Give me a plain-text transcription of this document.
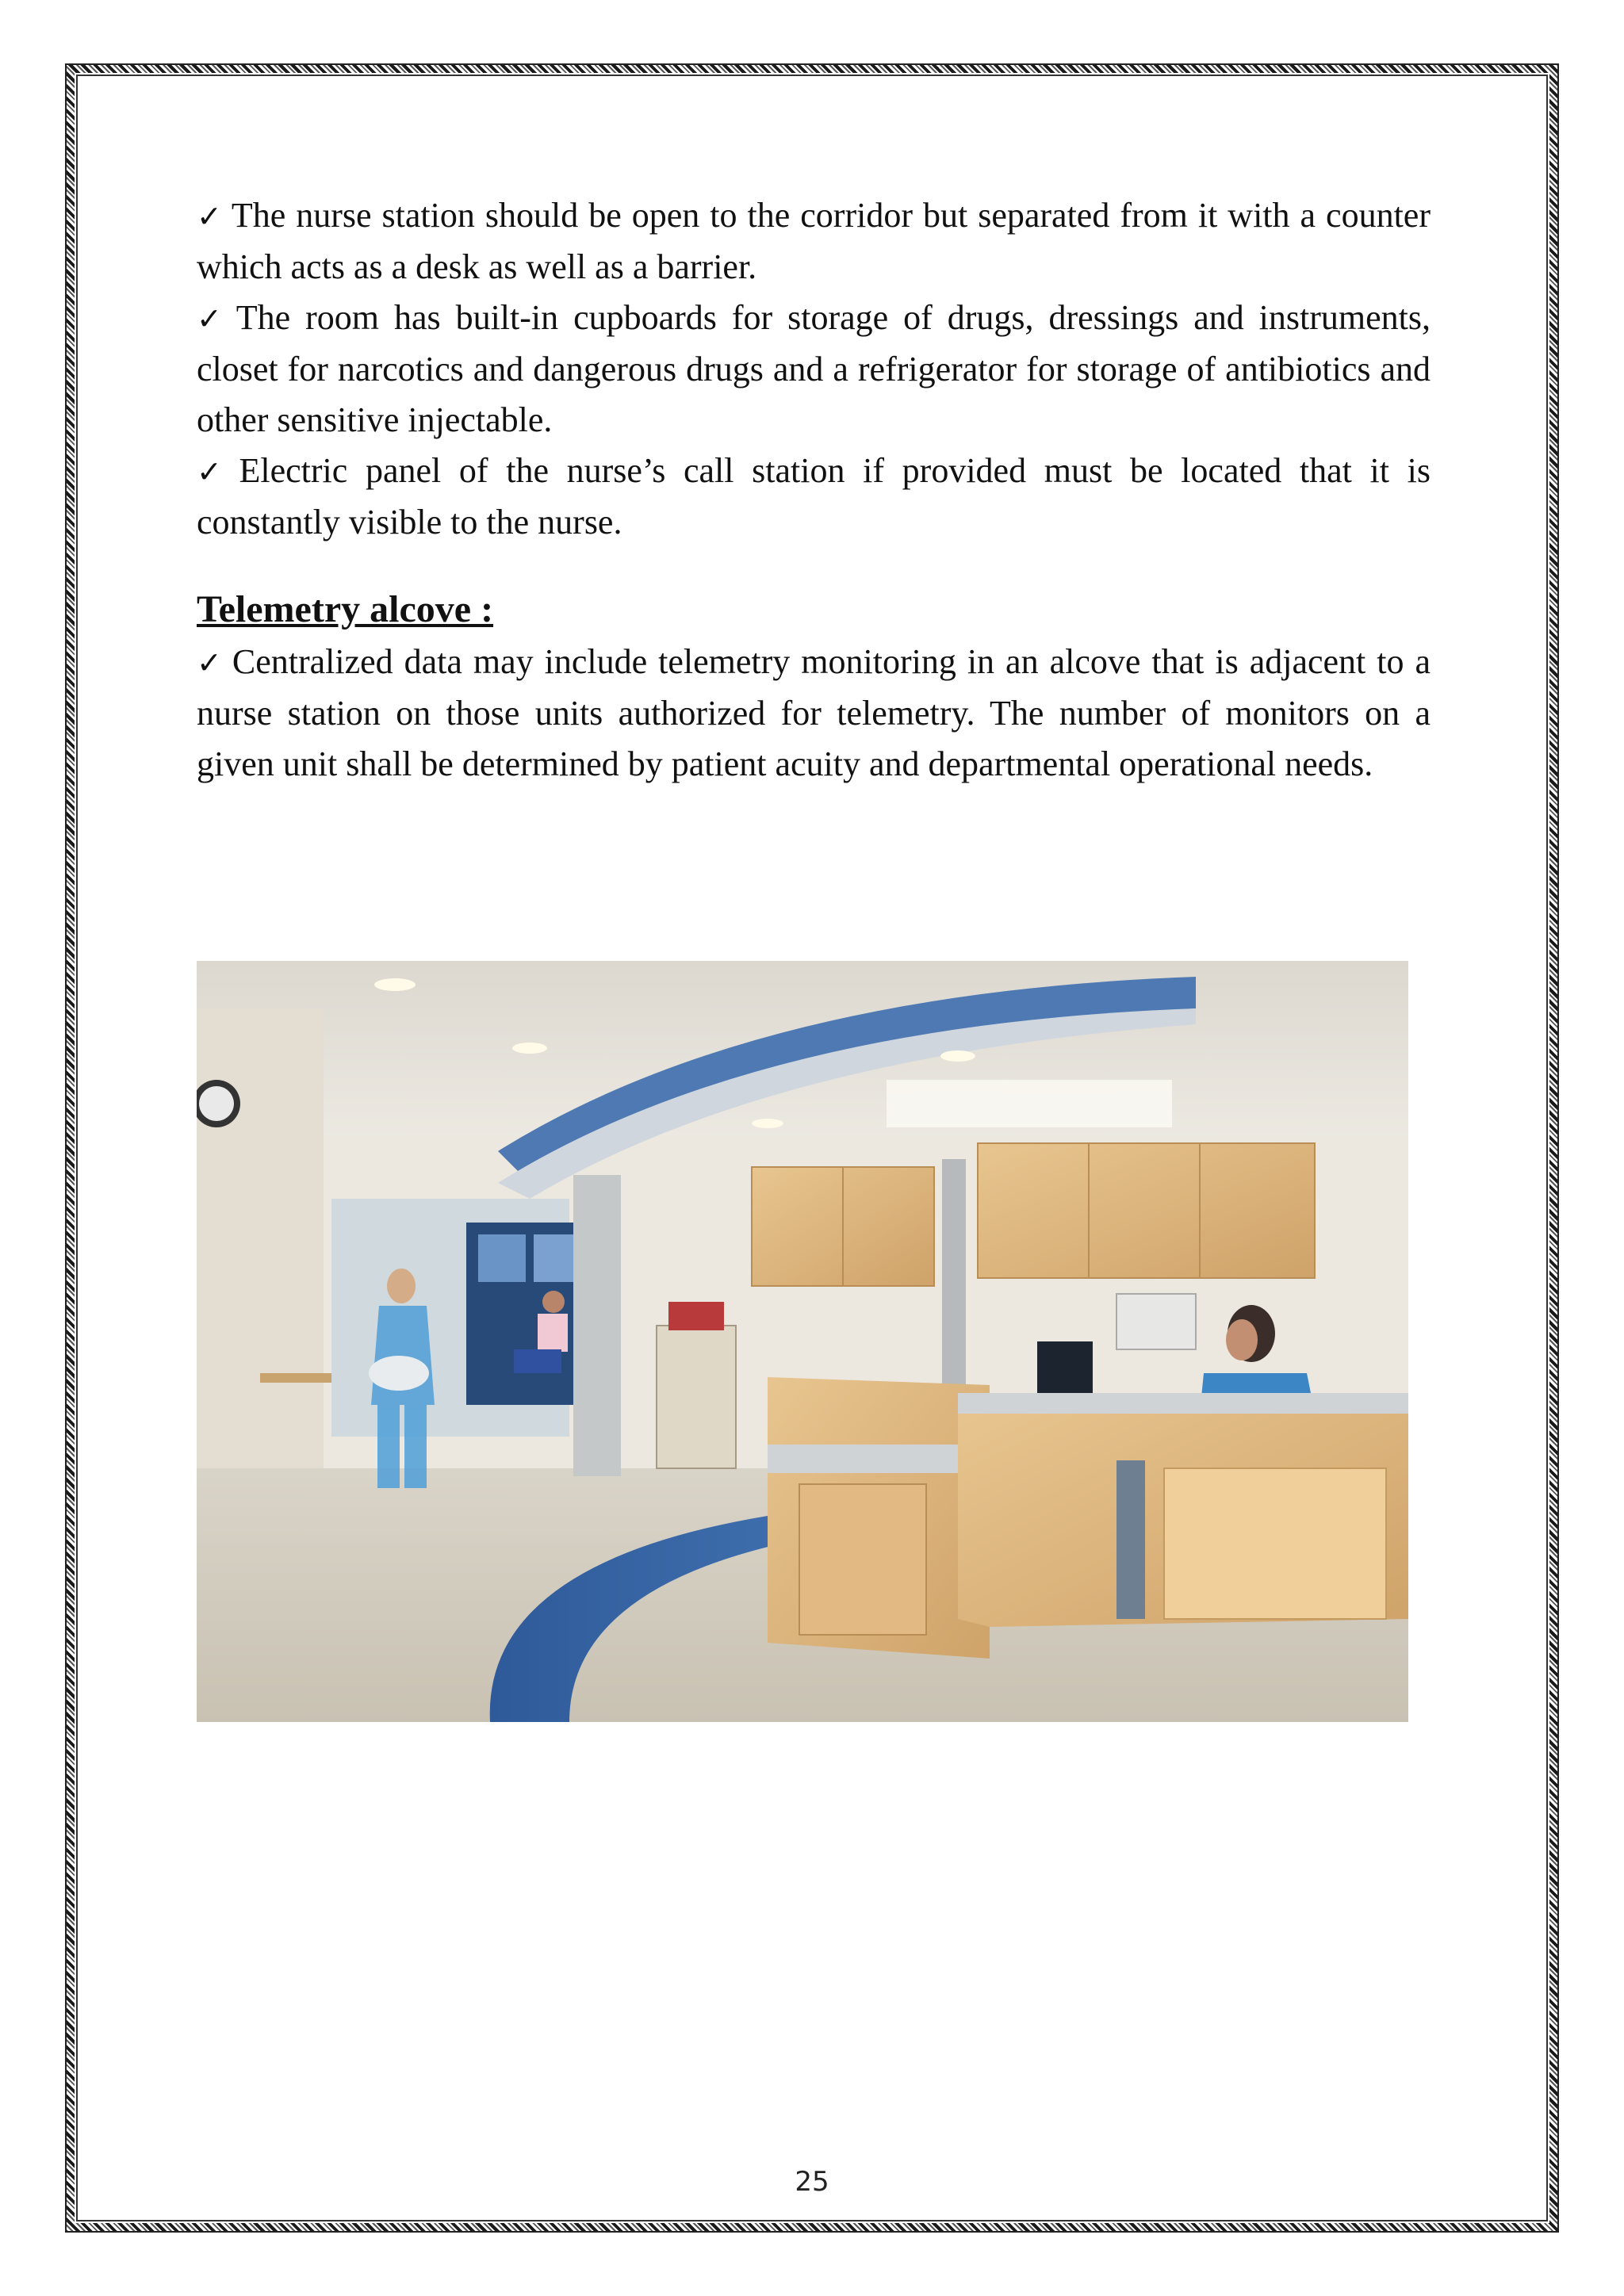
✓ The nurse station should be open to the corridor but separated from it with a counter which acts as a desk as well as a barrier.

✓ The room has built-in cupboards for storage of drugs, dressings and instruments, closet for narcotics and dangerous drugs and a refrigerator for storage of antibiotics and other sensitive injectable.

✓ Electric panel of the nurse’s call station if provided must be located that it is constantly visible to the nurse.

Telemetry alcove :

✓ Centralized data may include telemetry monitoring in an alcove that is adjacent to a nurse station on those units authorized for telemetry. The number of monitors on a given unit shall be determined by patient acuity and departmental operational needs.

25
